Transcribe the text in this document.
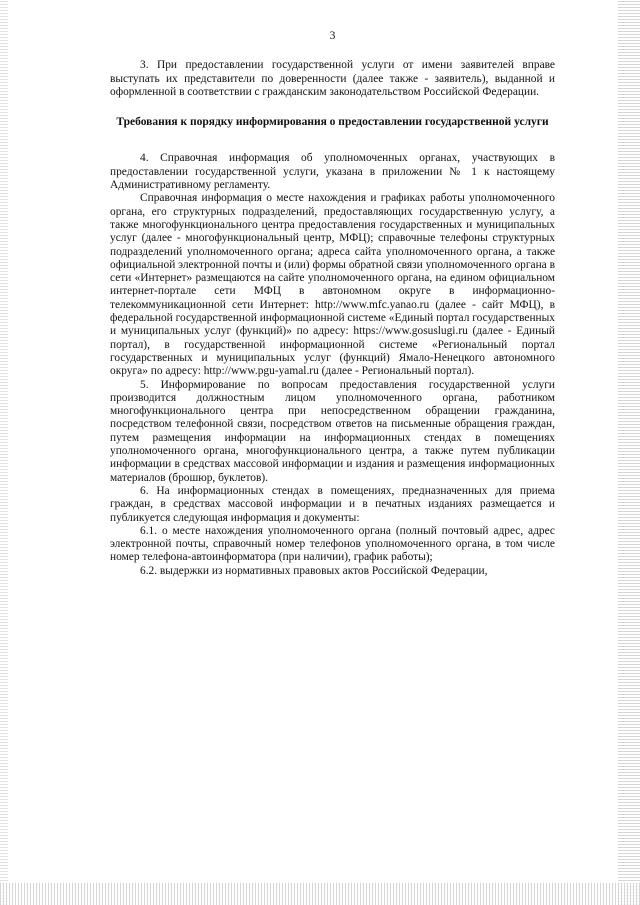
3

3. При предоставлении государственной услуги от имени заявителей вправе выступать их представители по доверенности (далее также - заявитель), выданной и оформленной в соответствии с гражданским законодательством Российской Федерации.

Требования к порядку информирования о предоставлении государственной услуги

4. Справочная информация об уполномоченных органах, участвующих в предоставлении государственной услуги, указана в приложении № 1 к настоящему Административному регламенту.

Справочная информация о месте нахождения и графиках работы уполномоченного органа, его структурных подразделений, предоставляющих государственную услугу, а также многофункционального центра предоставления государственных и муниципальных услуг (далее - многофункциональный центр, МФЦ); справочные телефоны структурных подразделений уполномоченного органа; адреса сайта уполномоченного органа, а также официальной электронной почты и (или) формы обратной связи уполномоченного органа в сети «Интернет» размещаются на сайте уполномоченного органа, на едином официальном интернет-портале сети МФЦ в автономном округе в информационно-телекоммуникационной сети Интернет: http://www.mfc.yanao.ru (далее - сайт МФЦ), в федеральной государственной информационной системе «Единый портал государственных и муниципальных услуг (функций)» по адресу: https://www.gosuslugi.ru (далее - Единый портал), в государственной информационной системе «Региональный портал государственных и муниципальных услуг (функций) Ямало-Ненецкого автономного округа» по адресу: http://www.pgu-yamal.ru (далее - Региональный портал).

5. Информирование по вопросам предоставления государственной услуги производится должностным лицом уполномоченного органа, работником многофункционального центра при непосредственном обращении гражданина, посредством телефонной связи, посредством ответов на письменные обращения граждан, путем размещения информации на информационных стендах в помещениях уполномоченного органа, многофункционального центра, а также путем публикации информации в средствах массовой информации и издания и размещения информационных материалов (брошюр, буклетов).

6. На информационных стендах в помещениях, предназначенных для приема граждан, в средствах массовой информации и в печатных изданиях размещается и публикуется следующая информация и документы:

6.1. о месте нахождения уполномоченного органа (полный почтовый адрес, адрес электронной почты, справочный номер телефонов уполномоченного органа, в том числе номер телефона-автоинформатора (при наличии), график работы);

6.2. выдержки из нормативных правовых актов Российской Федерации,
